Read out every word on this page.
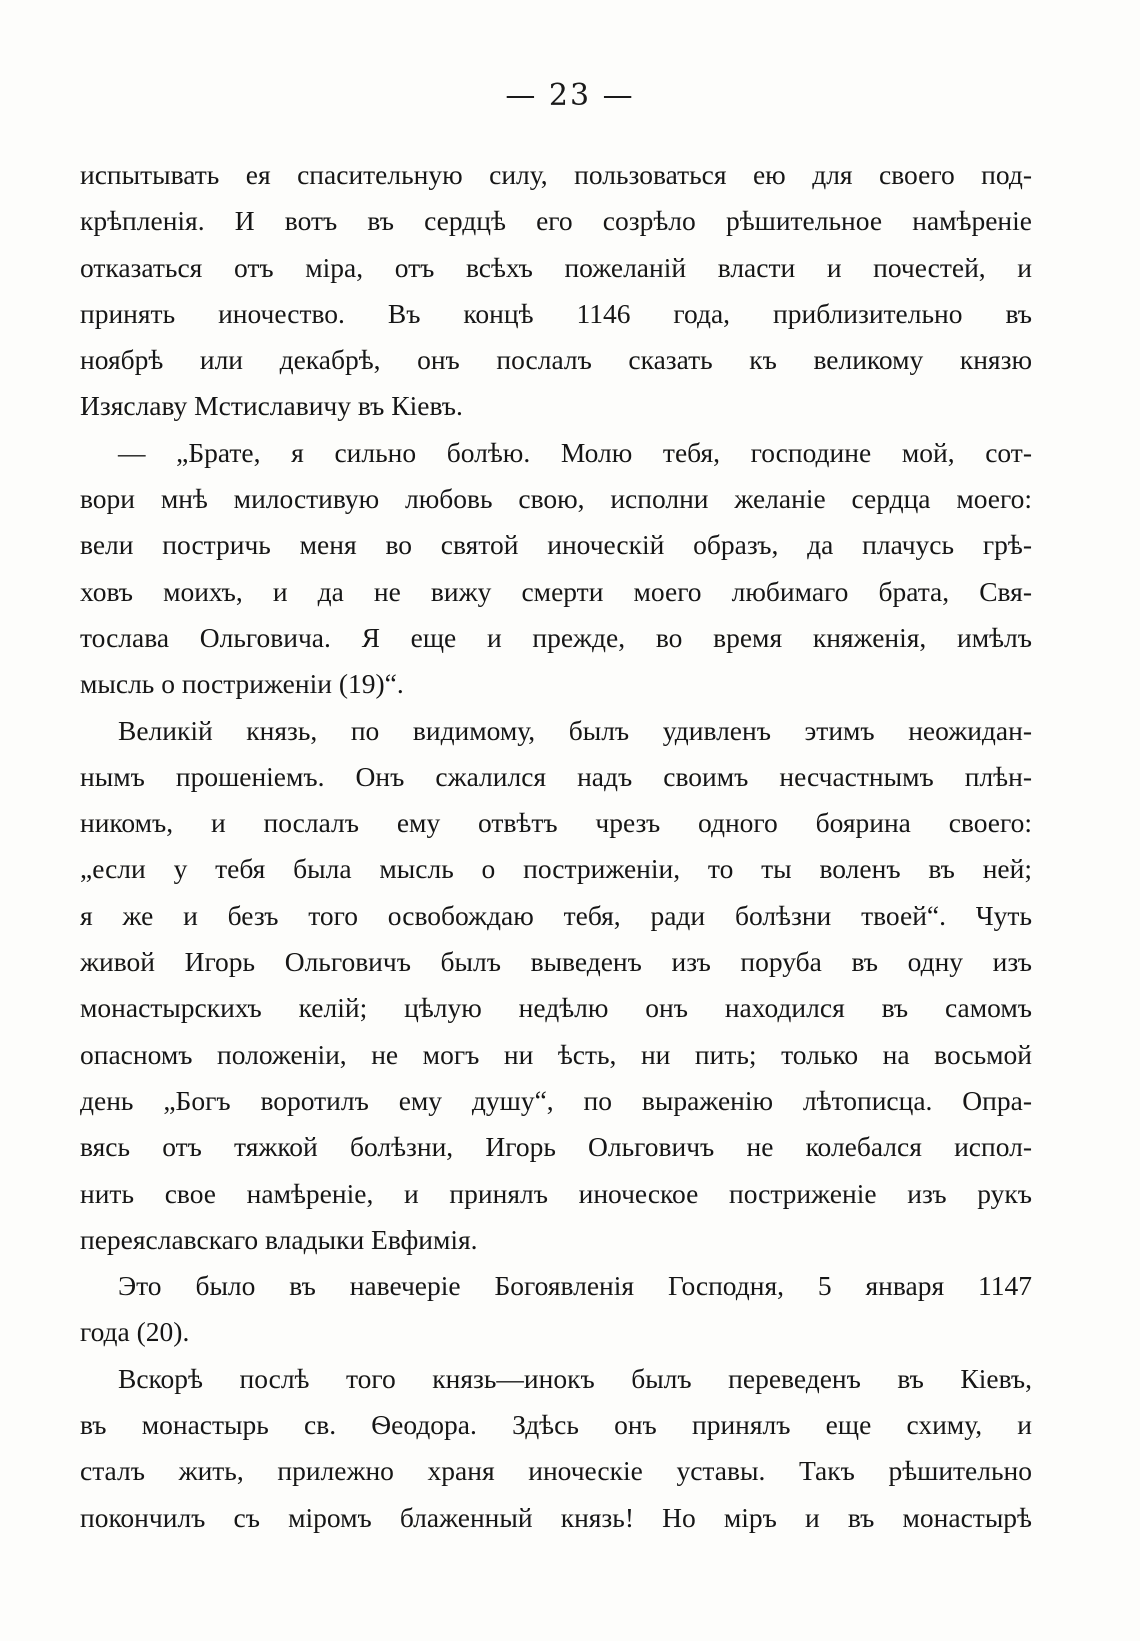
— 23 —
испытывать ея спасительную силу, пользоваться ею для своего под-
крѣпленія. И вотъ въ сердцѣ его созрѣло рѣшительное намѣреніе
отказаться отъ міра, отъ всѣхъ пожеланій власти и почестей, и
принять иночество. Въ концѣ 1146 года, приблизительно въ
ноябрѣ или декабрѣ, онъ послалъ сказать къ великому князю
Изяславу Мстиславичу въ Кіевъ.
— „Брате, я сильно болѣю. Молю тебя, господине мой, сот-
вори мнѣ милостивую любовь свою, исполни желаніе сердца моего:
вели постричь меня во святой иноческій образъ, да плачусь грѣ-
ховъ моихъ, и да не вижу смерти моего любимаго брата, Свя-
тослава Ольговича. Я еще и прежде, во время княженія, имѣлъ
мысль о постриженіи (19)“.
Великій князь, по видимому, былъ удивленъ этимъ неожидан-
нымъ прошеніемъ. Онъ сжалился надъ своимъ несчастнымъ плѣн-
никомъ, и послалъ ему отвѣтъ чрезъ одного боярина своего:
„если у тебя была мысль о постриженіи, то ты воленъ въ ней;
я же и безъ того освобождаю тебя, ради болѣзни твоей“. Чуть
живой Игорь Ольговичъ былъ выведенъ изъ поруба въ одну изъ
монастырскихъ келій; цѣлую недѣлю онъ находился въ самомъ
опасномъ положеніи, не могъ ни ѣсть, ни пить; только на восьмой
день „Богъ воротилъ ему душу“, по выраженію лѣтописца. Опра-
вясь отъ тяжкой болѣзни, Игорь Ольговичъ не колебался испол-
нить свое намѣреніе, и принялъ иноческое постриженіе изъ рукъ
переяславскаго владыки Евфимія.
Это было въ навечеріе Богоявленія Господня, 5 января 1147
года (20).
Вскорѣ послѣ того князь—инокъ былъ переведенъ въ Кіевъ,
въ монастырь св. Ѳеодора. Здѣсь онъ принялъ еще схиму, и
сталъ жить, прилежно храня иноческіе уставы. Такъ рѣшительно
покончилъ съ міромъ блаженный князь! Но міръ и въ монастырѣ
